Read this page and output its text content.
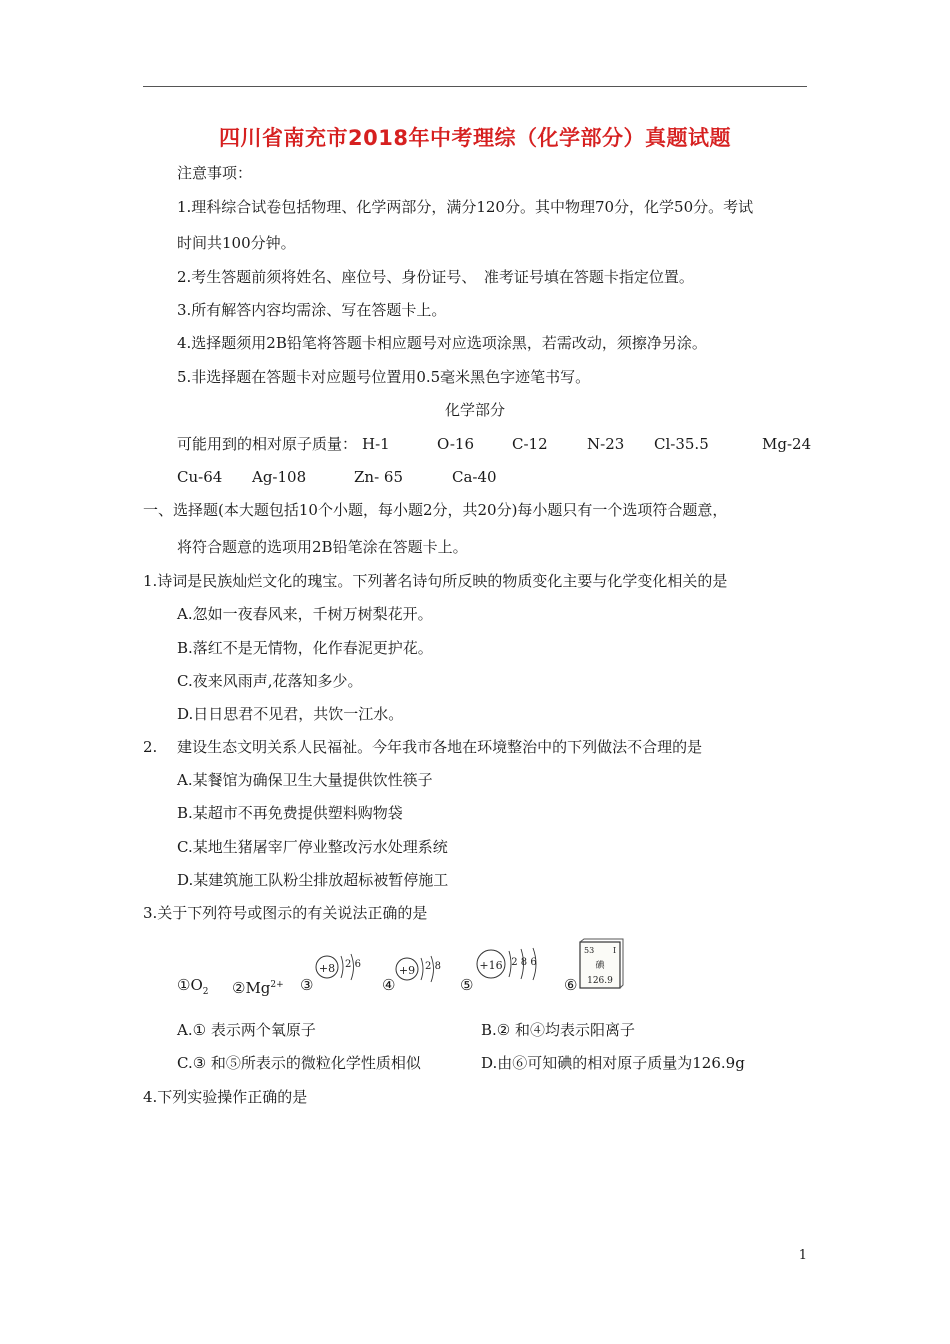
四川省南充市2018年中考理综（化学部分）真题试题
注意事项：
1.理科综合试卷包括物理、化学两部分，满分120分。其中物理70分，化学50分。考试
时间共100分钟。
2.考生答题前须将姓名、座位号、身份证号、　准考证号填在答题卡指定位置。
3.所有解答内容均需涂、写在答题卡上。
4.选择题须用2B铅笔将答题卡相应题号对应选项涂黑，若需改动，须擦净另涂。
5.非选择题在答题卡对应题号位置用0.5毫米黑色字迹笔书写。
化学部分
可能用到的相对原子质量： H-1	O-16	C-12	N-23 Cl-35.5	Mg-24
Cu-64 Ag-108	Zn- 65	Ca-40
一、选择题(本大题包括10个小题，每小题2分，共20分)每小题只有一个选项符合题意，
将符合题意的选项用2B铅笔涂在答题卡上。
1.诗词是民族灿烂文化的瑰宝。下列著名诗句所反映的物质变化主要与化学变化相关的是
A.忽如一夜春风来，千树万树梨花开。
B.落红不是无情物，化作春泥更护花。
C.夜来风雨声,花落知多少。
D.日日思君不见君，共饮一江水。
2.　 建设生态文明关系人民福祉。今年我市各地在环境整治中的下列做法不合理的是
A.某餐馆为确保卫生大量提供饮性筷子
B.某超市不再免费提供塑料购物袋
C.某地生猪屠宰厂停业整改污水处理系统
D.某建筑施工队粉尘排放超标被暂停施工
3.关于下列符号或图示的有关说法正确的是
$①O_2$ $②Mg^{2+}$ ③	④	⑤	⑥
+8 2 6	+9 2 8	+16 2 8 6
53 I
碘
126.9
A.① 表示两个氧原子	B.② 和④均表示阳离子
C.③ 和⑤所表示的微粒化学性质相似	D.由⑥可知碘的相对原子质量为126.9g
4.下列实验操作正确的是
1
